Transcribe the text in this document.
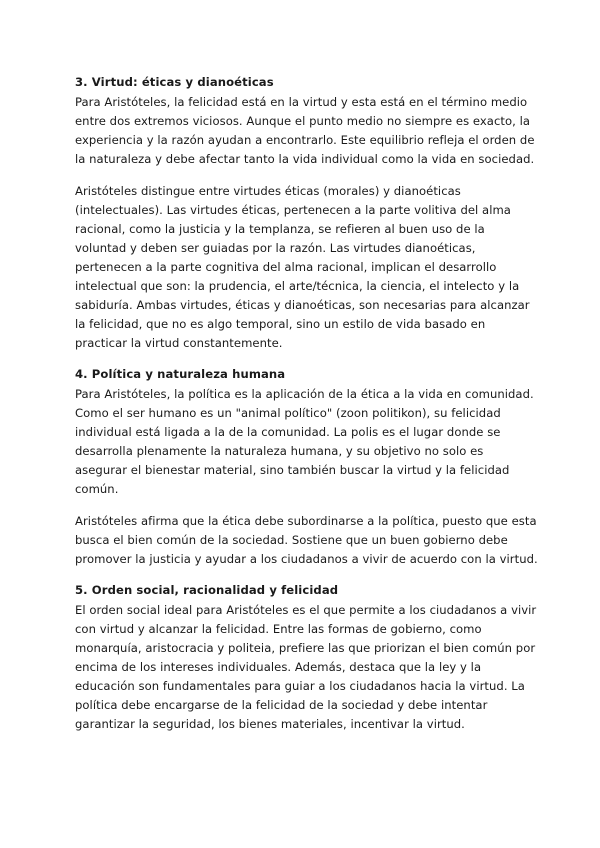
3. Virtud: éticas y dianoéticas

Para Aristóteles, la felicidad está en la virtud y esta está en el término medio entre dos extremos viciosos. Aunque el punto medio no siempre es exacto, la experiencia y la razón ayudan a encontrarlo. Este equilibrio refleja el orden de la naturaleza y debe afectar tanto la vida individual como la vida en sociedad.

Aristóteles distingue entre virtudes éticas (morales) y dianoéticas (intelectuales). Las virtudes éticas, pertenecen a la parte volitiva del alma racional, como la justicia y la templanza, se refieren al buen uso de la voluntad y deben ser guiadas por la razón. Las virtudes dianoéticas, pertenecen a la parte cognitiva del alma racional, implican el desarrollo intelectual que son: la prudencia, el arte/técnica, la ciencia, el intelecto y la sabiduría. Ambas virtudes, éticas y dianoéticas, son necesarias para alcanzar la felicidad, que no es algo temporal, sino un estilo de vida basado en practicar la virtud constantemente.

4. Política y naturaleza humana

Para Aristóteles, la política es la aplicación de la ética a la vida en comunidad. Como el ser humano es un "animal político" (zoon politikon), su felicidad individual está ligada a la de la comunidad. La polis es el lugar donde se desarrolla plenamente la naturaleza humana, y su objetivo no solo es asegurar el bienestar material, sino también buscar la virtud y la felicidad común.

Aristóteles afirma que la ética debe subordinarse a la política, puesto que esta busca el bien común de la sociedad. Sostiene que un buen gobierno debe promover la justicia y ayudar a los ciudadanos a vivir de acuerdo con la virtud.

5. Orden social, racionalidad y felicidad

El orden social ideal para Aristóteles es el que permite a los ciudadanos a vivir con virtud y alcanzar la felicidad. Entre las formas de gobierno, como monarquía, aristocracia y politeia, prefiere las que priorizan el bien común por encima de los intereses individuales. Además, destaca que la ley y la educación son fundamentales para guiar a los ciudadanos hacia la virtud. La política debe encargarse de la felicidad de la sociedad y debe intentar garantizar la seguridad, los bienes materiales, incentivar la virtud.
